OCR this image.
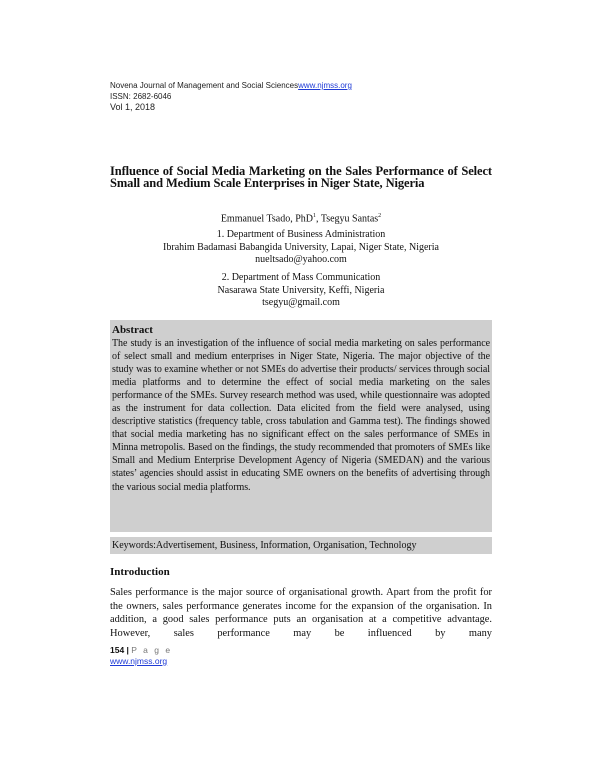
Novena Journal of Management and Social Scienceswww.njmss.org
ISSN: 2682-6046
Vol 1, 2018
Influence of Social Media Marketing on the Sales Performance of Select Small and Medium Scale Enterprises in Niger State, Nigeria
Emmanuel Tsado, PhD$^1$, Tsegyu Santas$^2$
1. Department of Business Administration
Ibrahim Badamasi Babangida University, Lapai, Niger State, Nigeria
nueltsado@yahoo.com
2. Department of Mass Communication
Nasarawa State University, Keffi, Nigeria
tsegyu@gmail.com
Abstract
The study is an investigation of the influence of social media marketing on sales performance of select small and medium enterprises in Niger State, Nigeria. The major objective of the study was to examine whether or not SMEs do advertise their products/ services through social media platforms and to determine the effect of social media marketing on the sales performance of the SMEs. Survey research method was used, while questionnaire was adopted as the instrument for data collection. Data elicited from the field were analysed, using descriptive statistics (frequency table, cross tabulation and Gamma test). The findings showed that social media marketing has no significant effect on the sales performance of SMEs in Minna metropolis. Based on the findings, the study recommended that promoters of SMEs like Small and Medium Enterprise Development Agency of Nigeria (SMEDAN) and the various states’ agencies should assist in educating SME owners on the benefits of advertising through the various social media platforms.
Keywords:Advertisement, Business, Information, Organisation, Technology
Introduction
Sales performance is the major source of organisational growth. Apart from the profit for the owners, sales performance generates income for the expansion of the organisation. In addition, a good sales performance puts an organisation at a competitive advantage. However, sales performance may be influenced by many
154 | P a g e
www.njmss.org
